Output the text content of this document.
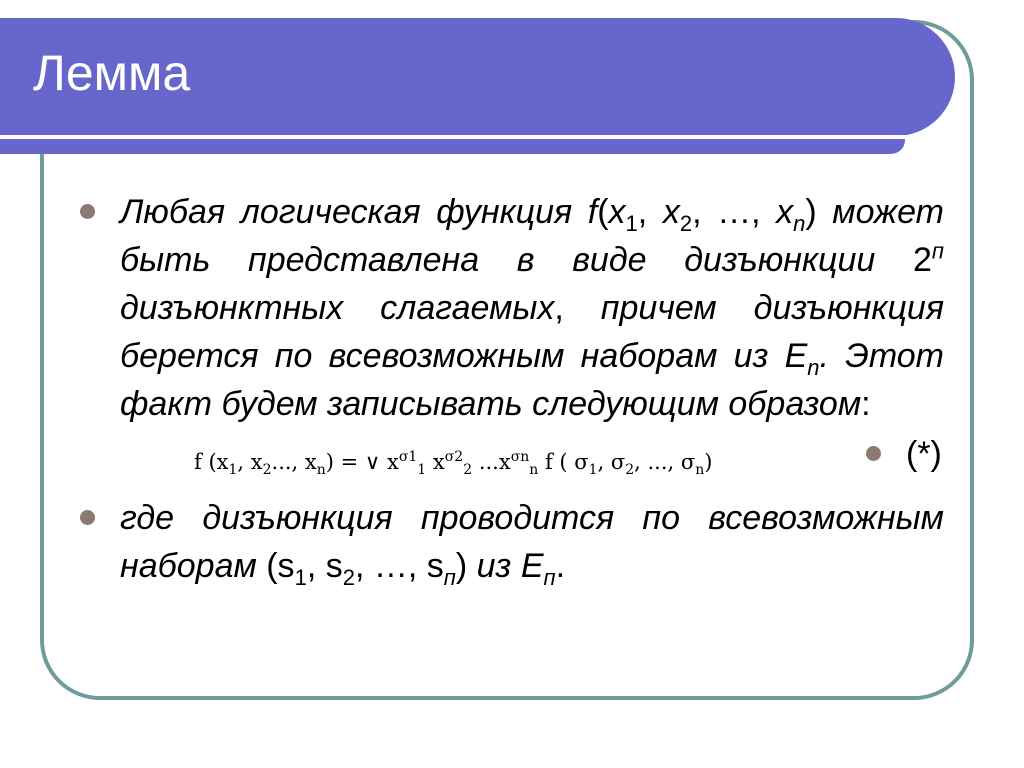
Лемма
Любая логическая функция $f(x_1$, $x_2$, …, $x_n$) может быть представлена в виде дизъюнкции $2^п$ дизъюнктных слагаемых, причем дизъюнкция берется по всевозможным наборам из $E_n$. Этот факт будем записывать следующим образом:
f ($x_1$, $x_2$..., $x_n$) = ∨ $x^{\sigma 1}_1$ $x^{\sigma 2}_2$ $...x^{\sigma n}_n$ f ( $\sigma_1$, $\sigma_2$, ..., $\sigma_n$)	(*)
где дизъюнкция проводится по всевозможным наборам ($s_1$, $s_2$, …, $s_п$) из $E_п$.
